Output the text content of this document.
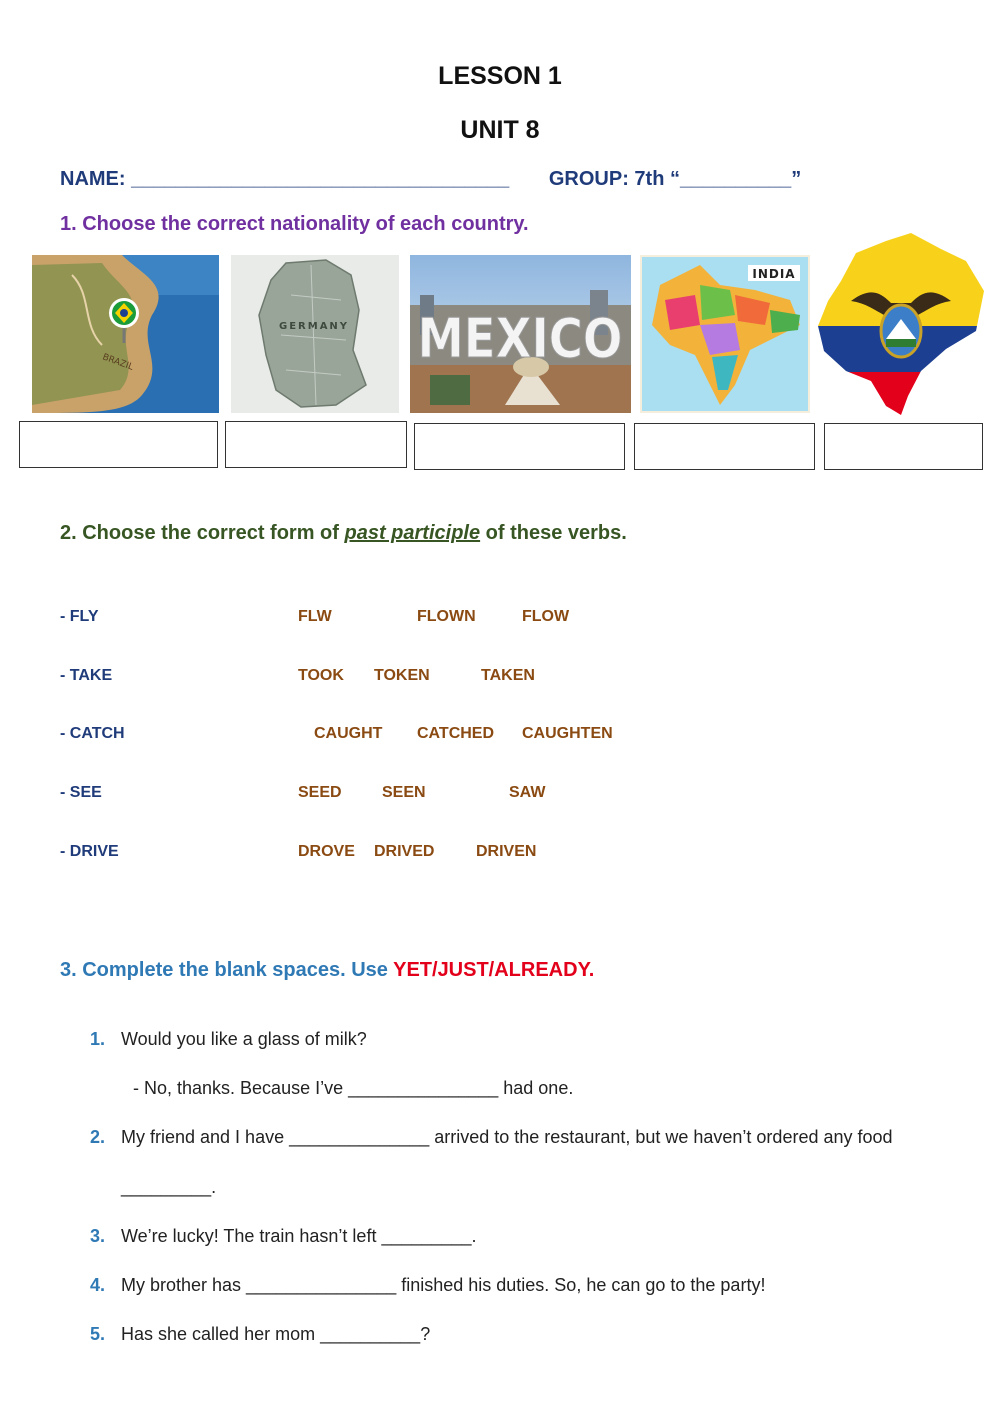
LESSON 1
UNIT 8
NAME: __________________________________ GROUP: 7th “__________”
1. Choose the correct nationality of each country.
BRAZIL
GERMANY MEXICO
INDIA
2. Choose the correct form of past participle of these verbs.
- FLY	FLW	FLOWN	FLOW
- TAKE	TOOK TOKEN	TAKEN
- CATCH	CAUGHT CATCHED CAUGHTEN
- SEE	SEED	SEEN	SAW
- DRIVE	DROVE DRIVED	DRIVEN
3. Complete the blank spaces. Use YET/JUST/ALREADY.
1. Would you like a glass of milk?
- No, thanks. Because I’ve _______________ had one.
2. My friend and I have ______________ arrived to the restaurant, but we haven’t ordered any food
_________.
3. We’re lucky! The train hasn’t left _________.
4. My brother has _______________ finished his duties. So, he can go to the party!
5. Has she called her mom __________?
